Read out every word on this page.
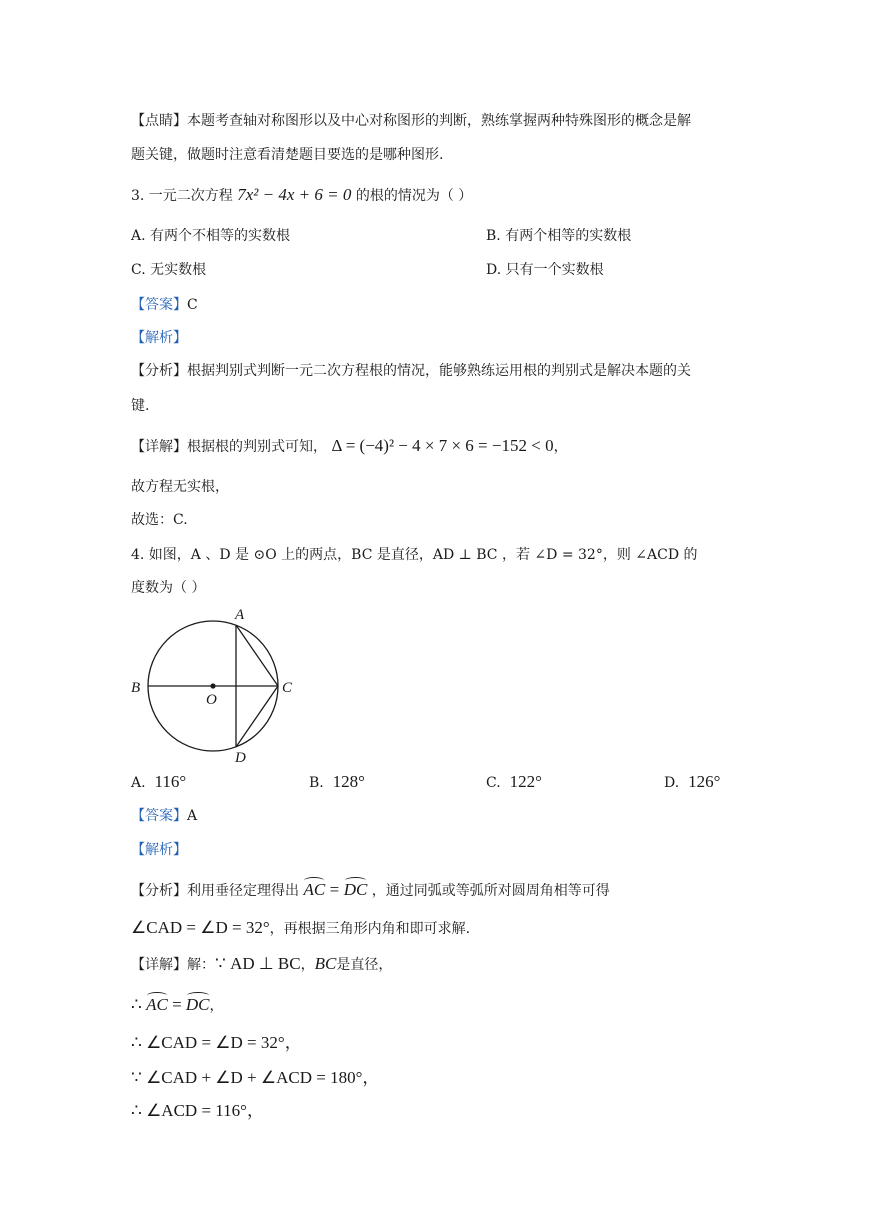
【点睛】本题考查轴对称图形以及中心对称图形的判断，熟练掌握两种特殊图形的概念是解
题关键，做题时注意看清楚题目要选的是哪种图形.
3. 一元二次方程 7x² − 4x + 6 = 0 的根的情况为（ ）
A. 有两个不相等的实数根	B. 有两个相等的实数根
C. 无实数根	D. 只有一个实数根
【答案】C
【解析】
【分析】根据判别式判断一元二次方程根的情况，能够熟练运用根的判别式是解决本题的关
键.
【详解】根据根的判别式可知， Δ = (−4)² − 4 × 7 × 6 = −152 < 0，
故方程无实根，
故选：C.
4. 如图，A 、D 是 ⊙O 上的两点，BC 是直径，AD ⊥ BC ，若 ∠D = 32°，则 ∠ACD 的
度数为（ ）
A
B	C
O
D
A. 116°	B. 128°	C. 122°	D. 126°
【答案】A
【解析】
【分析】利用垂径定理得出 AC = DC ，通过同弧或等弧所对圆周角相等可得
∠CAD = ∠D = 32°，再根据三角形内角和即可求解.
【详解】解：∵ AD ⊥ BC，BC是直径，
∴ AC = DC，
∴ ∠CAD = ∠D = 32°，
∵ ∠CAD + ∠D + ∠ACD = 180°，
∴ ∠ACD = 116°，
